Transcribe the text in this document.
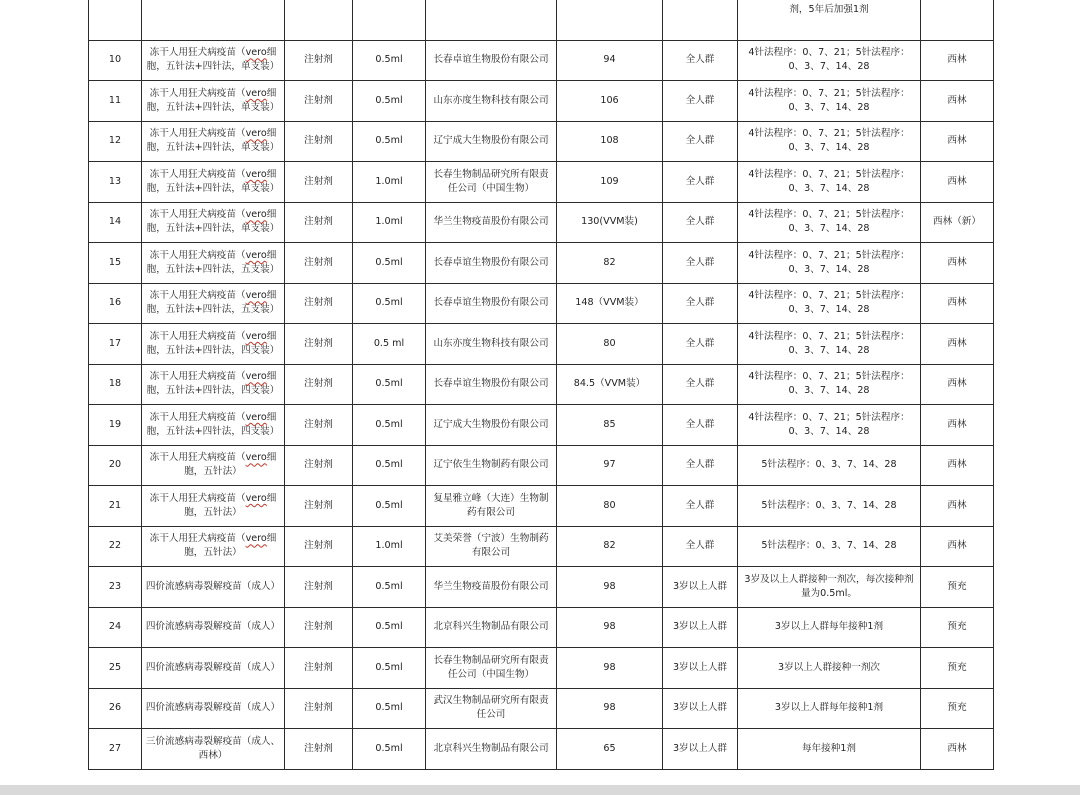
							剂，5年后加强1剂	
10	冻干人用狂犬病疫苗（vero细胞，五针法+四针法，单支装）	注射剂	0.5ml	长春卓谊生物股份有限公司	94	全人群	4针法程序：0、7、21；5针法程序：0、3、7、14、28	西林
11	冻干人用狂犬病疫苗（vero细胞，五针法+四针法，单支装）	注射剂	0.5ml	山东亦度生物科技有限公司	106	全人群	4针法程序：0、7、21；5针法程序：0、3、7、14、28	西林
12	冻干人用狂犬病疫苗（vero细胞，五针法+四针法，单支装）	注射剂	0.5ml	辽宁成大生物股份有限公司	108	全人群	4针法程序：0、7、21；5针法程序：0、3、7、14、28	西林
13	冻干人用狂犬病疫苗（vero细胞，五针法+四针法，单支装）	注射剂	1.0ml	长春生物制品研究所有限责任公司（中国生物）	109	全人群	4针法程序：0、7、21；5针法程序：0、3、7、14、28	西林
14	冻干人用狂犬病疫苗（vero细胞，五针法+四针法，单支装）	注射剂	1.0ml	华兰生物疫苗股份有限公司	130(VVM装)	全人群	4针法程序：0、7、21；5针法程序：0、3、7、14、28	西林（新）
15	冻干人用狂犬病疫苗（vero细胞，五针法+四针法，五支装）	注射剂	0.5ml	长春卓谊生物股份有限公司	82	全人群	4针法程序：0、7、21；5针法程序：0、3、7、14、28	西林
16	冻干人用狂犬病疫苗（vero细胞，五针法+四针法，五支装）	注射剂	0.5ml	长春卓谊生物股份有限公司	148（VVM装）	全人群	4针法程序：0、7、21；5针法程序：0、3、7、14、28	西林
17	冻干人用狂犬病疫苗（vero细胞，五针法+四针法，四支装）	注射剂	0.5 ml	山东亦度生物科技有限公司	80	全人群	4针法程序：0、7、21；5针法程序：0、3、7、14、28	西林
18	冻干人用狂犬病疫苗（vero细胞，五针法+四针法，四支装）	注射剂	0.5ml	长春卓谊生物股份有限公司	84.5（VVM装）	全人群	4针法程序：0、7、21；5针法程序：0、3、7、14、28	西林
19	冻干人用狂犬病疫苗（vero细胞，五针法+四针法，四支装）	注射剂	0.5ml	辽宁成大生物股份有限公司	85	全人群	4针法程序：0、7、21；5针法程序：0、3、7、14、28	西林
20	冻干人用狂犬病疫苗（vero细胞，五针法）	注射剂	0.5ml	辽宁依生生物制药有限公司	97	全人群	5针法程序：0、3、7、14、28	西林
21	冻干人用狂犬病疫苗（vero细胞，五针法）	注射剂	0.5ml	复星雅立峰（大连）生物制药有限公司	80	全人群	5针法程序：0、3、7、14、28	西林
22	冻干人用狂犬病疫苗（vero细胞，五针法）	注射剂	1.0ml	艾美荣誉（宁波）生物制药有限公司	82	全人群	5针法程序：0、3、7、14、28	西林
23	四价流感病毒裂解疫苗（成人）	注射剂	0.5ml	华兰生物疫苗股份有限公司	98	3岁以上人群	3岁及以上人群接种一剂次，每次接种剂量为0.5ml。	预充
24	四价流感病毒裂解疫苗（成人）	注射剂	0.5ml	北京科兴生物制品有限公司	98	3岁以上人群	3岁以上人群每年接种1剂	预充
25	四价流感病毒裂解疫苗（成人）	注射剂	0.5ml	长春生物制品研究所有限责任公司（中国生物）	98	3岁以上人群	3岁以上人群接种一剂次	预充
26	四价流感病毒裂解疫苗（成人）	注射剂	0.5ml	武汉生物制品研究所有限责任公司	98	3岁以上人群	3岁以上人群每年接种1剂	预充
27	三价流感病毒裂解疫苗（成人、西林）	注射剂	0.5ml	北京科兴生物制品有限公司	65	3岁以上人群	每年接种1剂	西林
